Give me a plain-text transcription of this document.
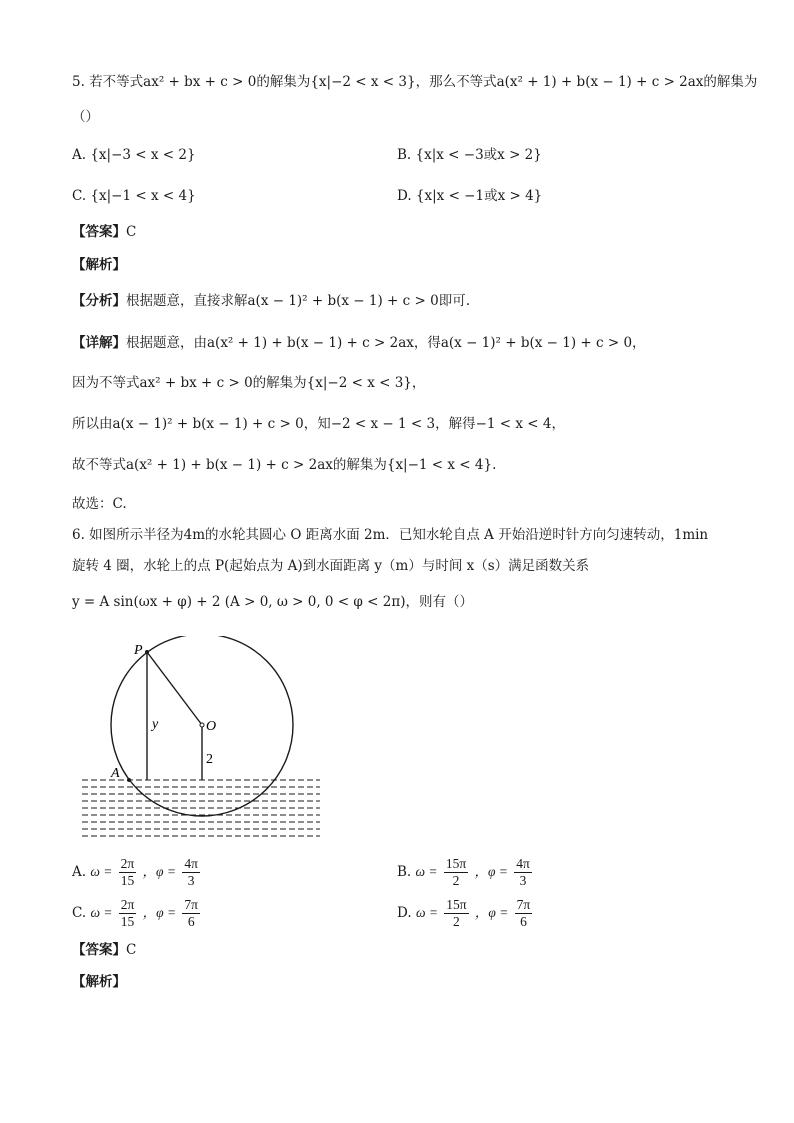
5. 若不等式ax² + bx + c > 0的解集为{x|−2 < x < 3}，那么不等式a(x² + 1) + b(x − 1) + c > 2ax的解集为
（）
A. {x|−3 < x < 2}	B. {x|x < −3或x > 2}
C. {x|−1 < x < 4}	D. {x|x < −1或x > 4}
【答案】C
【解析】
【分析】根据题意，直接求解a(x − 1)² + b(x − 1) + c > 0即可.
【详解】根据题意，由a(x² + 1) + b(x − 1) + c > 2ax，得a(x − 1)² + b(x − 1) + c > 0，
因为不等式ax² + bx + c > 0的解集为{x|−2 < x < 3}，
所以由a(x − 1)² + b(x − 1) + c > 0，知−2 < x − 1 < 3，解得−1 < x < 4，
故不等式a(x² + 1) + b(x − 1) + c > 2ax的解集为{x|−1 < x < 4}.
故选：C.
6. 如图所示半径为4m的水轮其圆心 O 距离水面 2m．已知水轮自点 A 开始沿逆时针方向匀速转动，1min
旋转 4 圈，水轮上的点 P(起始点为 A)到水面距离 y（m）与时间 x（s）满足函数关系
y = A sin(ωx + φ) + 2 (A > 0, ω > 0, 0 < φ < 2π)，则有（）
P
O
A
y
2
A. $\omega = \frac{2\pi}{15}$ ，$\varphi = \frac{4\pi}{3}$	B. $\omega = \frac{15\pi}{2}$ ，$\varphi = \frac{4\pi}{3}$
C. $\omega = \frac{2\pi}{15}$ ，$\varphi = \frac{7\pi}{6}$	D. $\omega = \frac{15\pi}{2}$ ，$\varphi = \frac{7\pi}{6}$
【答案】C
【解析】
